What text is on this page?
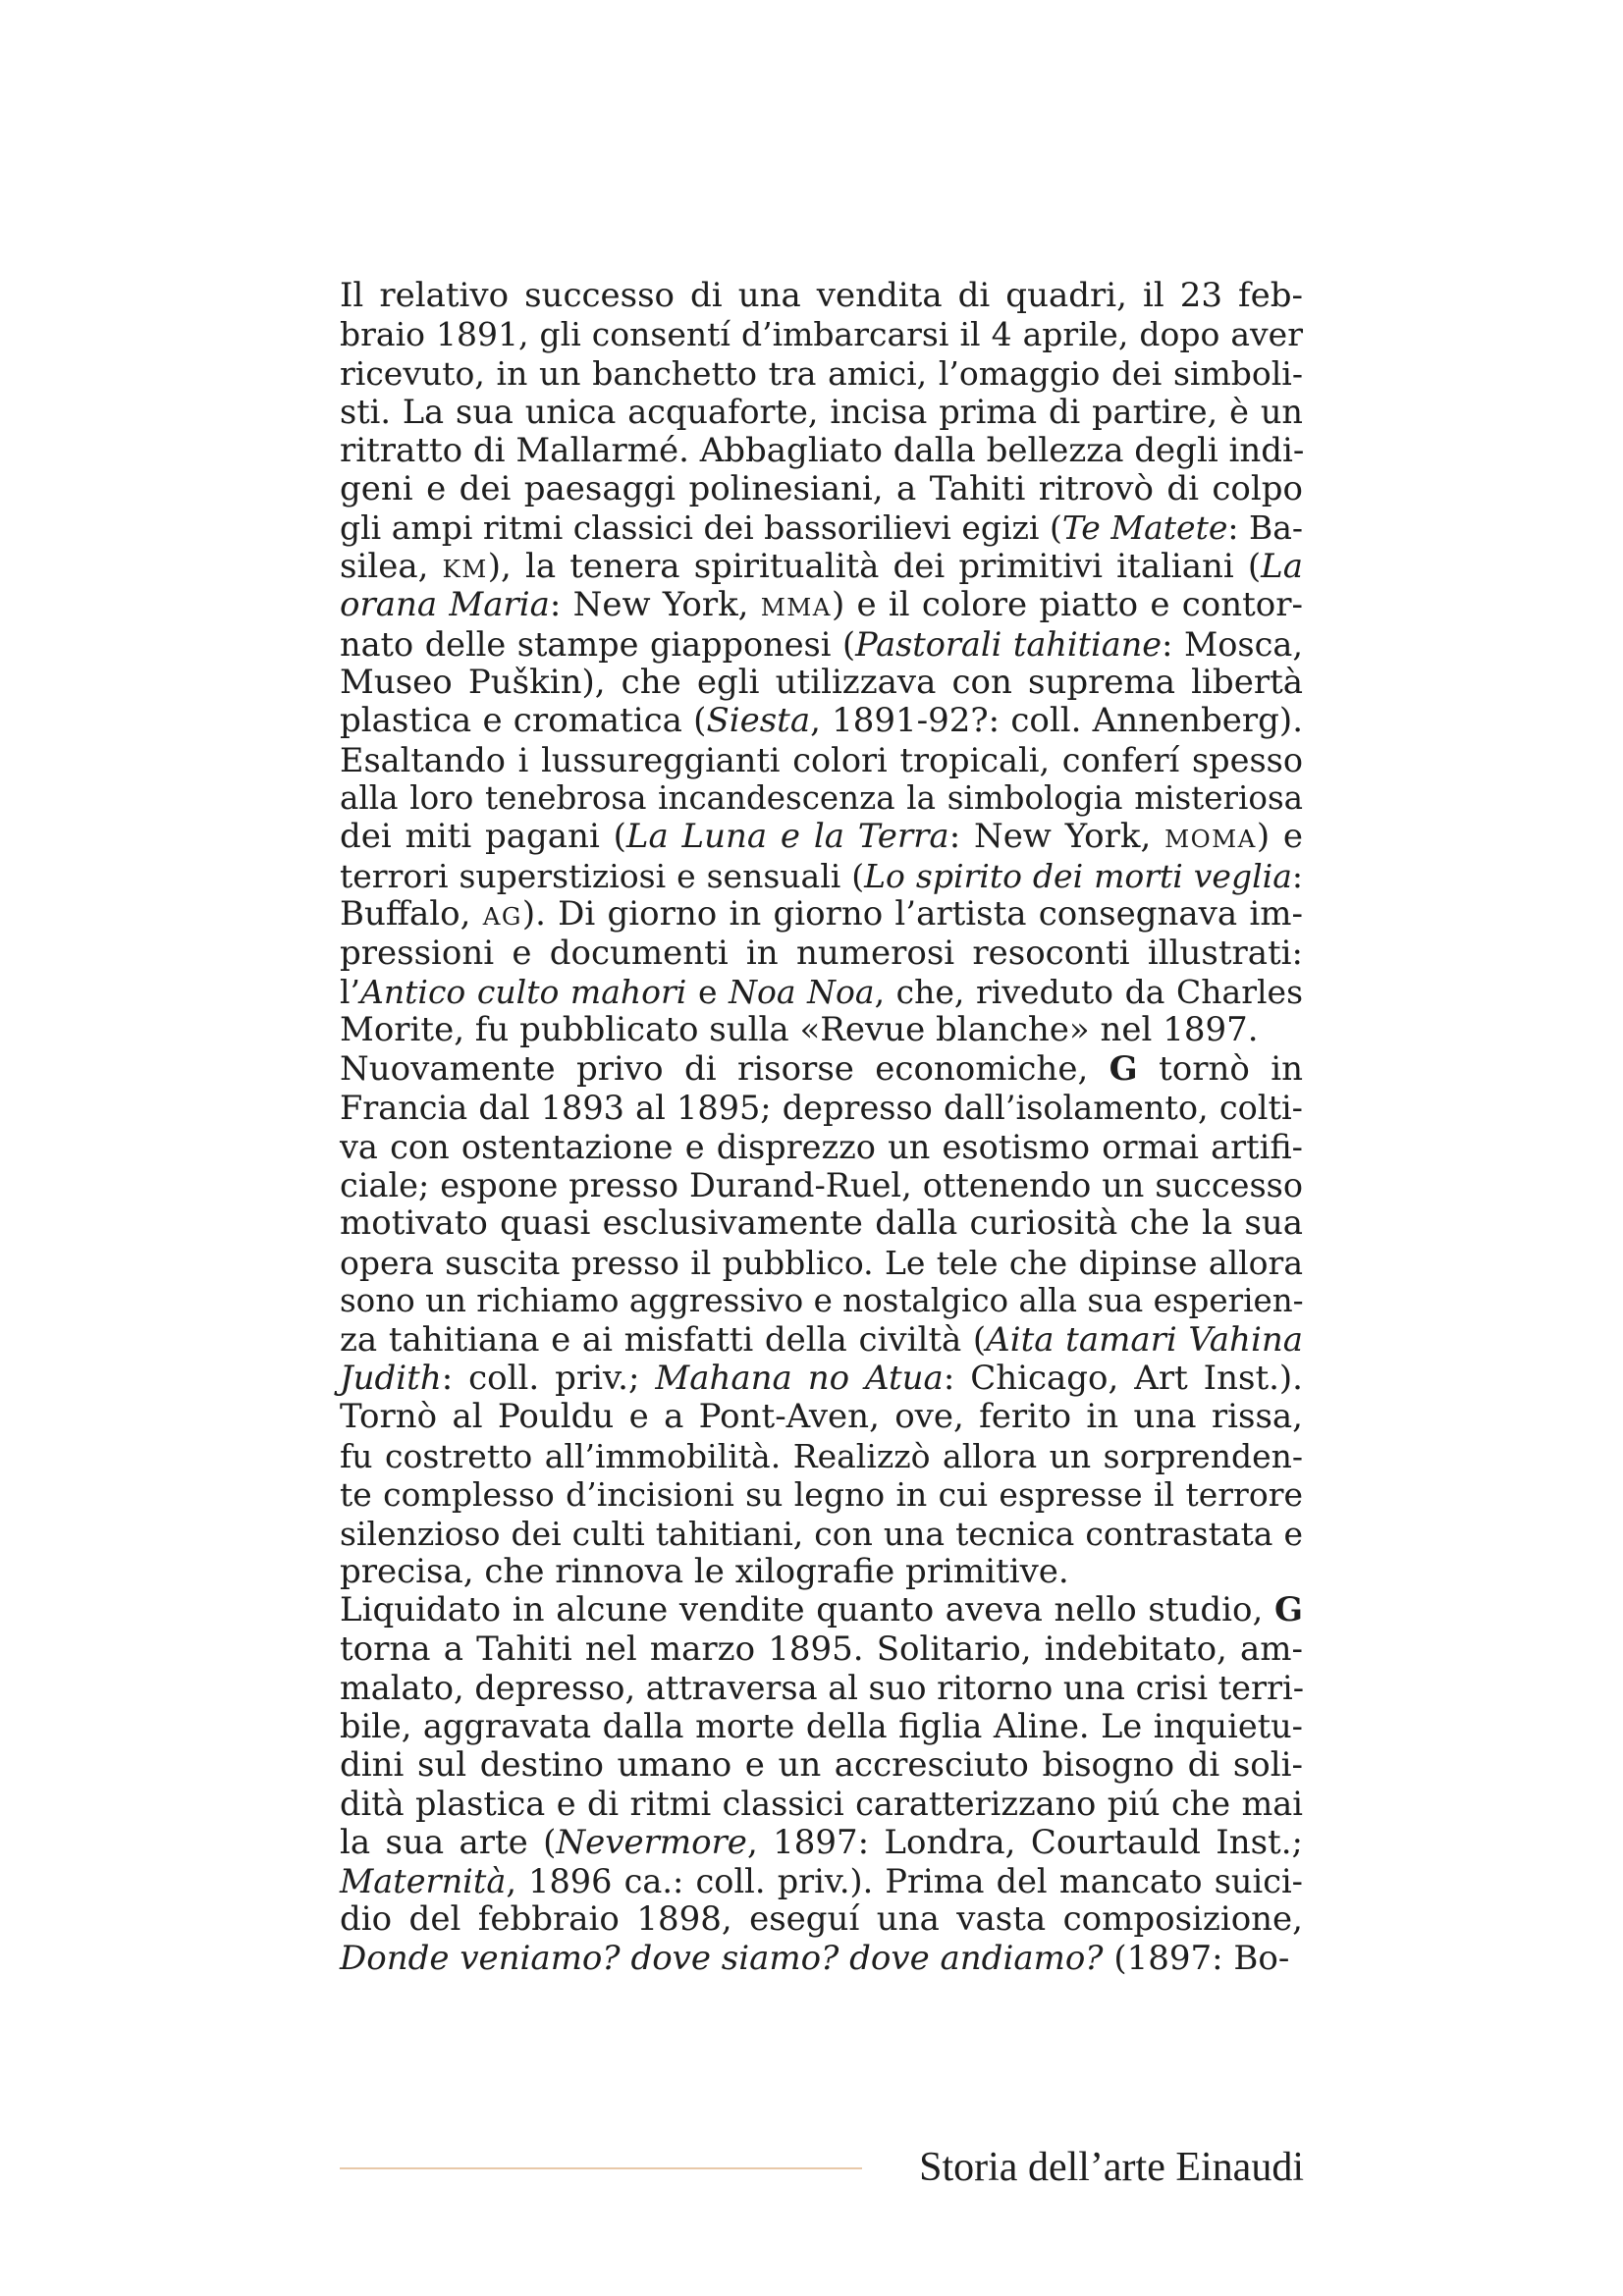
Il relativo successo di una vendita di quadri, il 23 feb-
braio 1891, gli consentí d’imbarcarsi il 4 aprile, dopo aver
ricevuto, in un banchetto tra amici, l’omaggio dei simboli-
sti. La sua unica acquaforte, incisa prima di partire, è un
ritratto di Mallarmé. Abbagliato dalla bellezza degli indi-
geni e dei paesaggi polinesiani, a Tahiti ritrovò di colpo
gli ampi ritmi classici dei bassorilievi egizi (Te Matete: Ba-
silea, KM), la tenera spiritualità dei primitivi italiani (La
orana Maria: New York, MMA) e il colore piatto e contor-
nato delle stampe giapponesi (Pastorali tahitiane: Mosca,
Museo Puškin), che egli utilizzava con suprema libertà
plastica e cromatica (Siesta, 1891-92?: coll. Annenberg).
Esaltando i lussureggianti colori tropicali, conferí spesso
alla loro tenebrosa incandescenza la simbologia misteriosa
dei miti pagani (La Luna e la Terra: New York, MOMA) e
terrori superstiziosi e sensuali (Lo spirito dei morti veglia:
Buffalo, AG). Di giorno in giorno l’artista consegnava im-
pressioni e documenti in numerosi resoconti illustrati:
l’Antico culto mahori e Noa Noa, che, riveduto da Charles
Morite, fu pubblicato sulla «Revue blanche» nel 1897.
Nuovamente privo di risorse economiche, G tornò in
Francia dal 1893 al 1895; depresso dall’isolamento, colti-
va con ostentazione e disprezzo un esotismo ormai artifi-
ciale; espone presso Durand-Ruel, ottenendo un successo
motivato quasi esclusivamente dalla curiosità che la sua
opera suscita presso il pubblico. Le tele che dipinse allora
sono un richiamo aggressivo e nostalgico alla sua esperien-
za tahitiana e ai misfatti della civiltà (Aita tamari Vahina
Judith: coll. priv.; Mahana no Atua: Chicago, Art Inst.).
Tornò al Pouldu e a Pont-Aven, ove, ferito in una rissa,
fu costretto all’immobilità. Realizzò allora un sorprenden-
te complesso d’incisioni su legno in cui espresse il terrore
silenzioso dei culti tahitiani, con una tecnica contrastata e
precisa, che rinnova le xilografie primitive.
Liquidato in alcune vendite quanto aveva nello studio, G
torna a Tahiti nel marzo 1895. Solitario, indebitato, am-
malato, depresso, attraversa al suo ritorno una crisi terri-
bile, aggravata dalla morte della figlia Aline. Le inquietu-
dini sul destino umano e un accresciuto bisogno di soli-
dità plastica e di ritmi classici caratterizzano piú che mai
la sua arte (Nevermore, 1897: Londra, Courtauld Inst.;
Maternità, 1896 ca.: coll. priv.). Prima del mancato suici-
dio del febbraio 1898, eseguí una vasta composizione,
Donde veniamo? dove siamo? dove andiamo? (1897: Bo-
Storia dell’arte Einaudi
